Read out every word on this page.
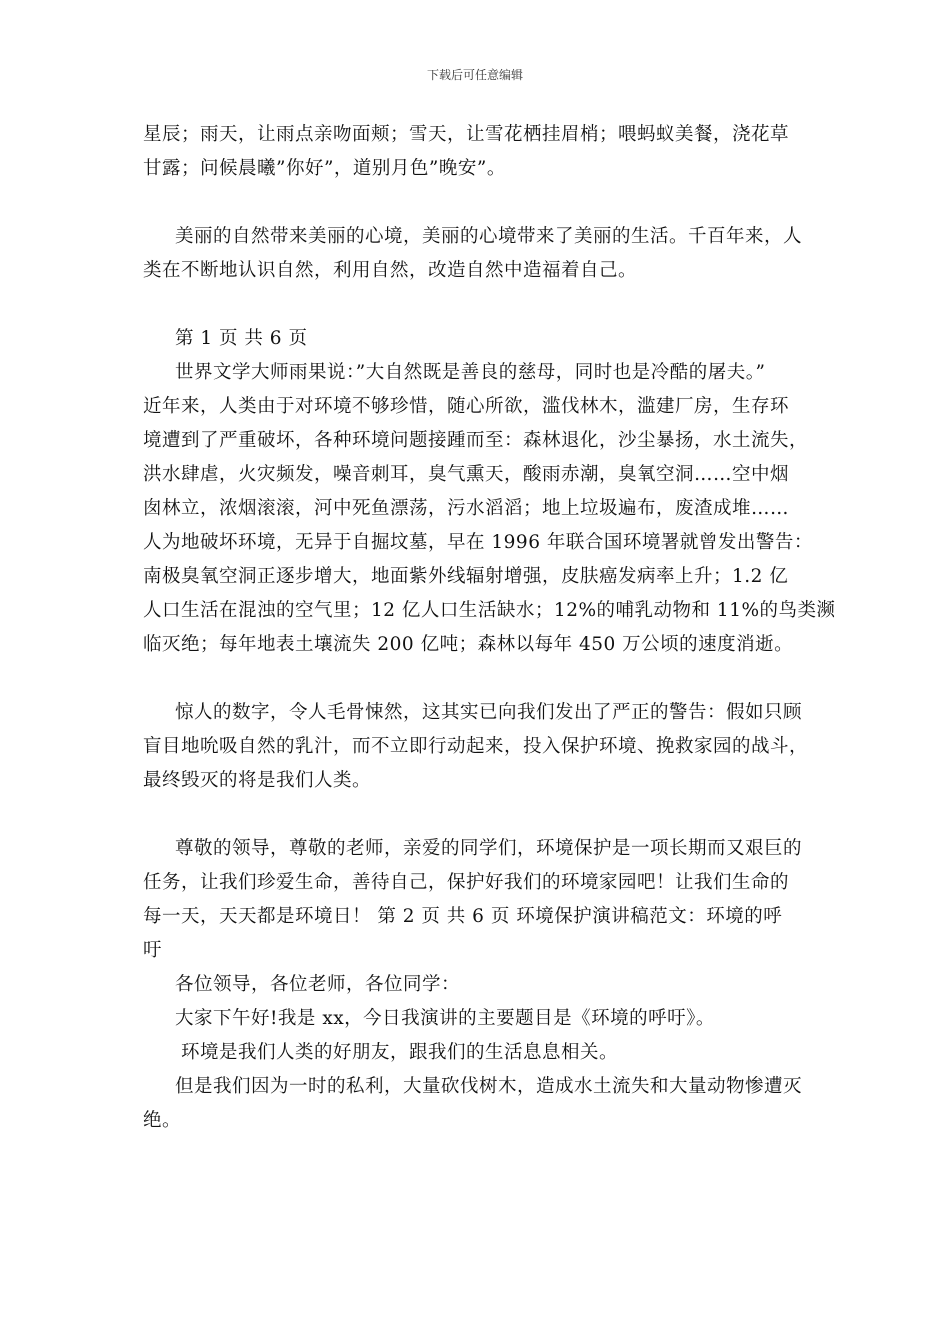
下载后可任意编辑
星辰；雨天，让雨点亲吻面颊；雪天，让雪花栖挂眉梢；喂蚂蚁美餐，浇花草
甘露；问候晨曦”你好”，道别月色”晚安”。
美丽的自然带来美丽的心境，美丽的心境带来了美丽的生活。千百年来，人
类在不断地认识自然，利用自然，改造自然中造福着自己。
第 1 页 共 6 页
世界文学大师雨果说：”大自然既是善良的慈母，同时也是冷酷的屠夫。”
近年来，人类由于对环境不够珍惜，随心所欲，滥伐林木，滥建厂房，生存环
境遭到了严重破坏，各种环境问题接踵而至：森林退化，沙尘暴扬，水土流失，
洪水肆虐，火灾频发，噪音刺耳，臭气熏天，酸雨赤潮，臭氧空洞……空中烟
囱林立，浓烟滚滚，河中死鱼漂荡，污水滔滔；地上垃圾遍布，废渣成堆……
人为地破坏环境，无异于自掘坟墓，早在 1996 年联合国环境署就曾发出警告：
南极臭氧空洞正逐步增大，地面紫外线辐射增强，皮肤癌发病率上升；1.2 亿
人口生活在混浊的空气里；12 亿人口生活缺水；12%的哺乳动物和 11%的鸟类濒
临灭绝；每年地表土壤流失 200 亿吨；森林以每年 450 万公顷的速度消逝。
惊人的数字，令人毛骨悚然，这其实已向我们发出了严正的警告：假如只顾
盲目地吮吸自然的乳汁，而不立即行动起来，投入保护环境、挽救家园的战斗，
最终毁灭的将是我们人类。
尊敬的领导，尊敬的老师，亲爱的同学们，环境保护是一项长期而又艰巨的
任务，让我们珍爱生命，善待自己，保护好我们的环境家园吧！让我们生命的
每一天，天天都是环境日！ 第 2 页 共 6 页 环境保护演讲稿范文：环境的呼
吁
各位领导，各位老师，各位同学：
大家下午好!我是 xx，今日我演讲的主要题目是《环境的呼吁》。
环境是我们人类的好朋友，跟我们的生活息息相关。
但是我们因为一时的私利，大量砍伐树木，造成水土流失和大量动物惨遭灭
绝。
